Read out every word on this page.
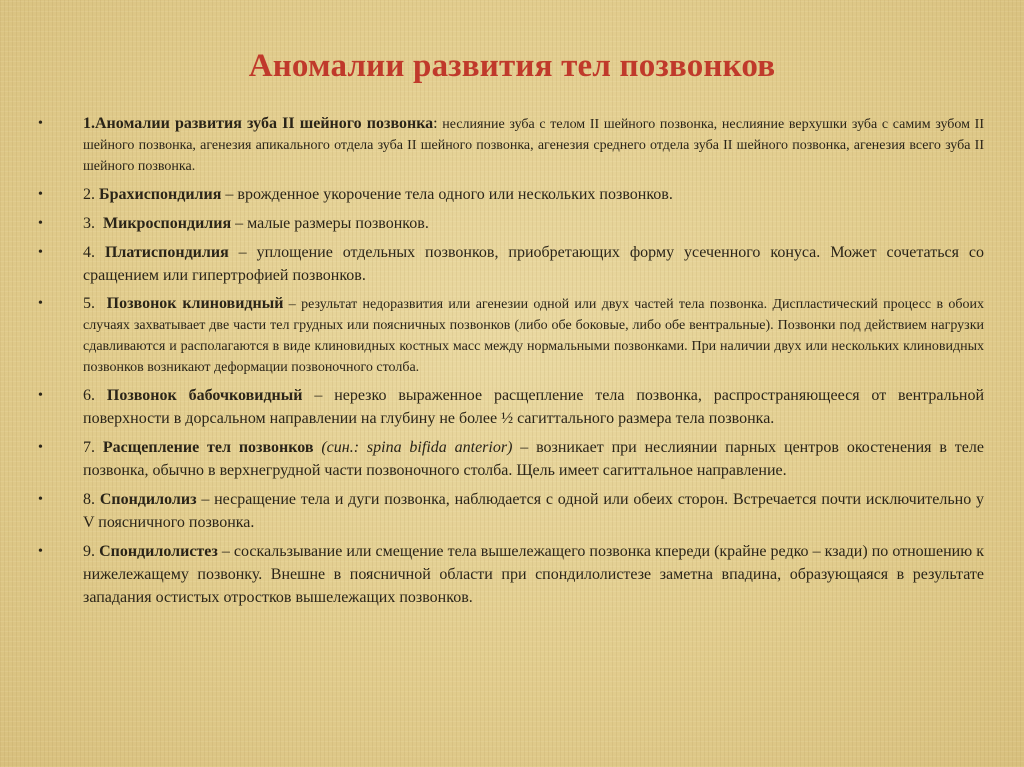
Аномалии развития тел позвонков
•	1.Аномалии развития зуба II шейного позвонка: неслияние зуба с телом II шейного позвонка, неслияние верхушки зуба с самим зубом II шейного позвонка, агенезия апикального отдела зуба II шейного позвонка, агенезия среднего отдела зуба II шейного позвонка, агенезия всего зуба II шейного позвонка.
•	2. Брахиспондилия – врожденное укорочение тела одного или нескольких позвонков.
•	3.  Микроспондилия – малые размеры позвонков.
•	4. Платиспондилия – уплощение отдельных позвонков, приобретающих форму усеченного конуса. Может сочетаться со сращением или гипертрофией позвонков.
•	5.  Позвонок клиновидный – результат недоразвития или агенезии одной или двух частей тела позвонка. Диспластический процесс в обоих случаях захватывает две части тел грудных или поясничных позвонков (либо обе боковые, либо обе вентральные). Позвонки под действием нагрузки сдавливаются и располагаются в виде клиновидных костных масс между нормальными позвонками. При наличии двух или нескольких клиновидных позвонков возникают деформации позвоночного столба.
•	6. Позвонок бабочковидный – нерезко выраженное расщепление тела позвонка, распространяющееся от вентральной поверхности в дорсальном направлении на глубину не более ½ сагиттального размера тела позвонка.
•	7. Расщепление тел позвонков (син.: spina bifida anterior) – возникает при неслиянии парных центров окостенения в теле позвонка, обычно в верхнегрудной части позвоночного столба. Щель имеет сагиттальное направление.
•	8. Спондилолиз – несращение тела и дуги позвонка, наблюдается с одной или обеих сторон. Встречается почти исключительно у V поясничного позвонка.
•	9. Спондилолистез – соскальзывание или смещение тела вышележащего позвонка кпереди (крайне редко – кзади) по отношению к нижележащему позвонку. Внешне в поясничной области при спондилолистезе заметна впадина, образующаяся в результате западания остистых отростков вышележащих позвонков.
